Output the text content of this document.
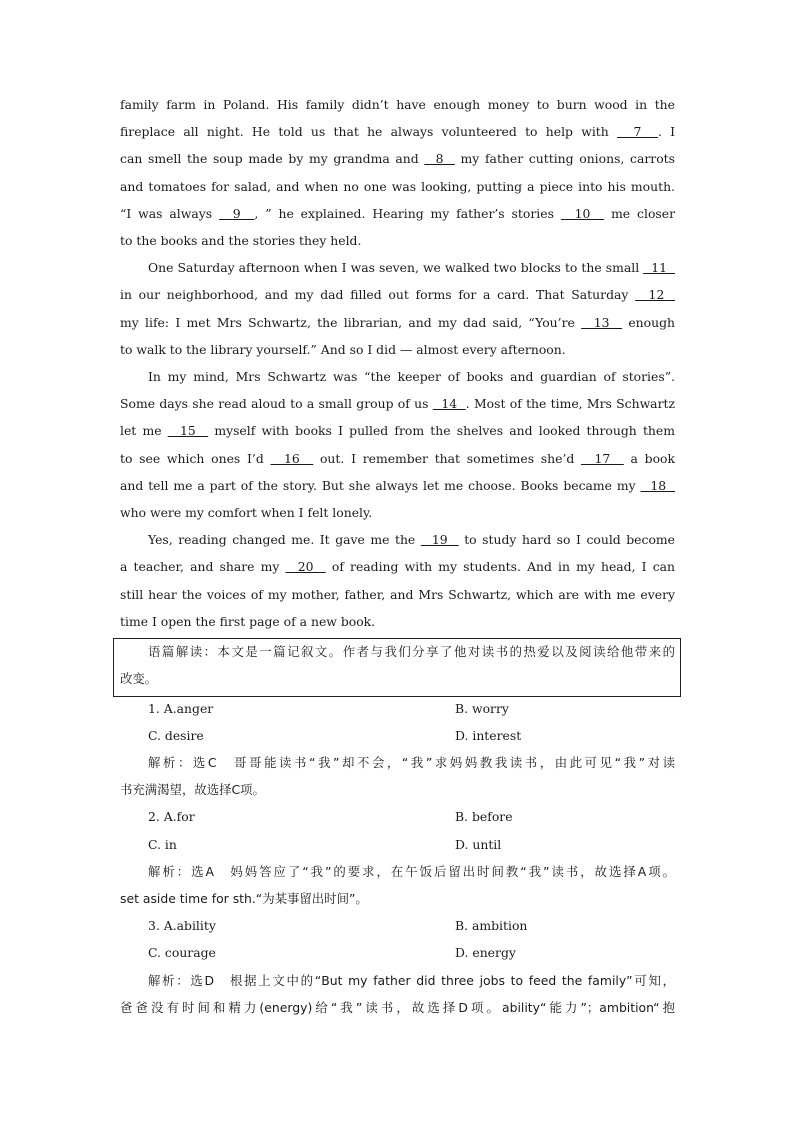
family farm in Poland. His family didn’t have enough money to burn wood in the
fireplace all night. He told us that he always volunteered to help with   7  . I
can smell the soup made by my grandma and   8   my father cutting onions, carrots
and tomatoes for salad, and when no one was looking, putting a piece into his mouth.
“I was always   9  , ” he explained. Hearing my father’s stories   10   me closer
to the books and the stories they held.
One Saturday afternoon when I was seven, we walked two blocks to the small   11
in our neighborhood, and my dad filled out forms for a card. That Saturday   12
my life: I met Mrs Schwartz, the librarian, and my dad said, “You’re   13   enough
to walk to the library yourself.” And so I did — almost every afternoon.
In my mind, Mrs Schwartz was “the keeper of books and guardian of stories”.
Some days she read aloud to a small group of us   14  . Most of the time, Mrs Schwartz
let me   15   myself with books I pulled from the shelves and looked through them
to see which ones I’d   16   out. I remember that sometimes she’d   17   a book
and tell me a part of the story. But she always let me choose. Books became my   18
who were my comfort when I felt lonely.
Yes, reading changed me. It gave me the   19   to study hard so I could become
a teacher, and share my   20   of reading with my students. And in my head, I can
still hear the voices of my mother, father, and Mrs Schwartz, which are with me every
time I open the first page of a new book.
语篇解读：本文是一篇记叙文。作者与我们分享了他对读书的热爱以及阅读给他带来的
改变。
1. A.anger	B. worry
C. desire	D. interest
解析：选C　哥哥能读书“我”却不会，“我”求妈妈教我读书，由此可见“我”对读
书充满渴望，故选择C项。
2. A.for	B. before
C. in	D. until
解析：选A　妈妈答应了“我”的要求，在午饭后留出时间教“我”读书，故选择A项。
set aside time for sth.“为某事留出时间”。
3. A.ability	B. ambition
C. courage	D. energy
解析：选D　根据上文中的“But my father did three jobs to feed the family”可知，
爸爸没有时间和精力(energy)给“我”读书，故选择D项。ability“能力”；ambition“抱
